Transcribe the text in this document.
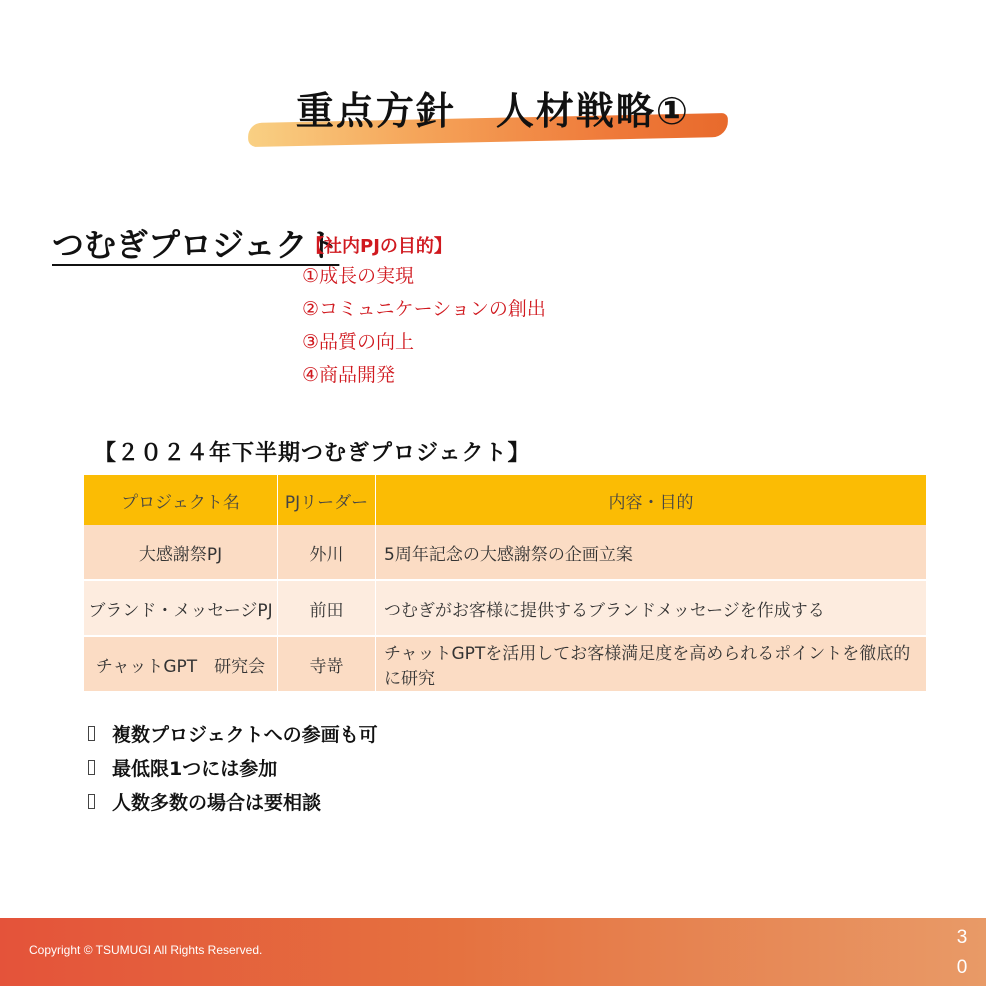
重点方針　人材戦略①
つむぎプロジェクト
【社内PJの目的】
①成長の実現
②コミュニケーションの創出
③品質の向上
④商品開発
【２０２４年下半期つむぎプロジェクト】
プロジェクト名	PJリーダー	内容・目的
大感謝祭PJ	外川	5周年記念の大感謝祭の企画立案
ブランド・メッセージPJ	前田	つむぎがお客様に提供するブランドメッセージを作成する
チャットGPT　研究会	寺嵜	チャットGPTを活用してお客様満足度を高められるポイントを徹底的に研究
複数プロジェクトへの参画も可
最低限1つには参加
人数多数の場合は要相談
Copyright © TSUMUGI All Rights Reserved.
30
